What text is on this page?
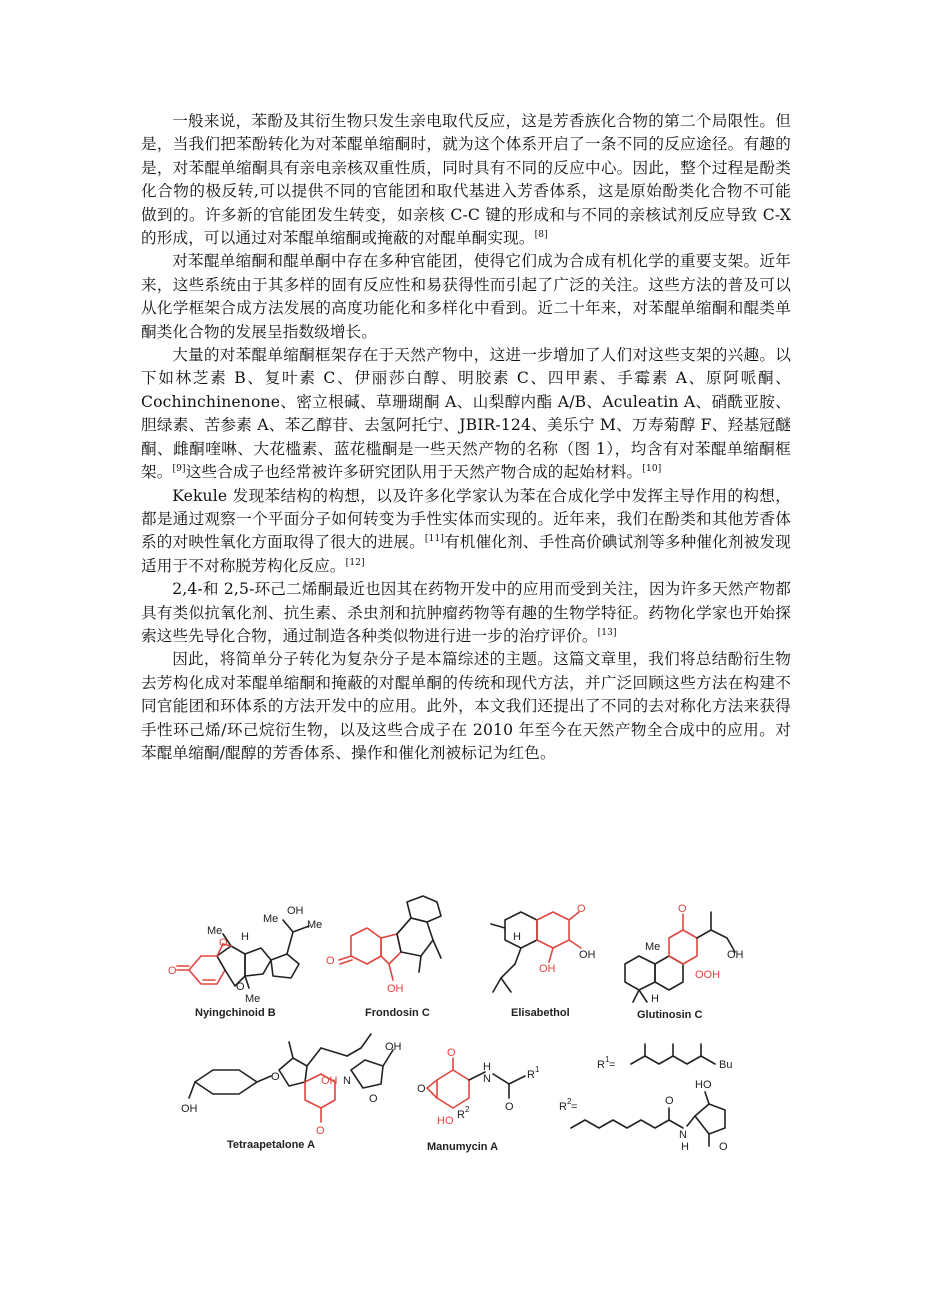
一般来说，苯酚及其衍生物只发生亲电取代反应，这是芳香族化合物的第二个局限性。但是，当我们把苯酚转化为对苯醌单缩酮时，就为这个体系开启了一条不同的反应途径。有趣的是，对苯醌单缩酮具有亲电亲核双重性质，同时具有不同的反应中心。因此，整个过程是酚类化合物的极反转,可以提供不同的官能团和取代基进入芳香体系，这是原始酚类化合物不可能做到的。许多新的官能团发生转变，如亲核 C-C 键的形成和与不同的亲核试剂反应导致 C-X 的形成，可以通过对苯醌单缩酮或掩蔽的对醌单酮实现。[8]

对苯醌单缩酮和醌单酮中存在多种官能团，使得它们成为合成有机化学的重要支架。近年来，这些系统由于其多样的固有反应性和易获得性而引起了广泛的关注。这些方法的普及可以从化学框架合成方法发展的高度功能化和多样化中看到。近二十年来，对苯醌单缩酮和醌类单酮类化合物的发展呈指数级增长。

大量的对苯醌单缩酮框架存在于天然产物中，这进一步增加了人们对这些支架的兴趣。以下如林芝素 B、复叶素 C、伊丽莎白醇、明胶素 C、四甲素、手霉素 A、原阿哌酮、Cochinchinenone、密立根碱、草珊瑚酮 A、山梨醇内酯 A/B、Aculeatin A、硝酰亚胺、胆绿素、苦参素 A、苯乙醇苷、去氢阿托宁、JBIR-124、美乐宁 M、万寿菊醇 F、羟基冠醚酮、雌酮喹啉、大花槛素、蓝花槛酮是一些天然产物的名称（图 1），均含有对苯醌单缩酮框架。[9]这些合成子也经常被许多研究团队用于天然产物合成的起始材料。[10]

Kekule 发现苯结构的构想，以及许多化学家认为苯在合成化学中发挥主导作用的构想，都是通过观察一个平面分子如何转变为手性实体而实现的。近年来，我们在酚类和其他芳香体系的对映性氧化方面取得了很大的进展。[11]有机催化剂、手性高价碘试剂等多种催化剂被发现适用于不对称脱芳构化反应。[12]

2,4-和 2,5-环己二烯酮最近也因其在药物开发中的应用而受到关注，因为许多天然产物都具有类似抗氧化剂、抗生素、杀虫剂和抗肿瘤药物等有趣的生物学特征。药物化学家也开始探索这些先导化合物，通过制造各种类似物进行进一步的治疗评价。[13]

因此，将简单分子转化为复杂分子是本篇综述的主题。这篇文章里，我们将总结酚衍生物去芳构化成对苯醌单缩酮和掩蔽的对醌单酮的传统和现代方法，并广泛回顾这些方法在构建不同官能团和环体系的方法开发中的应用。此外，本文我们还提出了不同的去对称化方法来获得手性环己烯/环己烷衍生物，以及这些合成子在 2010 年至今在天然产物全合成中的应用。对苯醌单缩酮/醌醇的芳香体系、操作和催化剂被标记为红色。

Me
O H
Me
OH
Me
O
Me
O
Nyingchinoid B
O
OH
Frondosin C
H
O
OH
OH
Elisabethol
Me
O
OH
OOH
H
Glutinosin C
OH
O	OH N
OH
O
O
Tetraapetalone A
O
H
N
O
R 1
O
HO R 2
Manumycin A
R 1 =	Bu
R 2 =
N
H
HO
O
O
